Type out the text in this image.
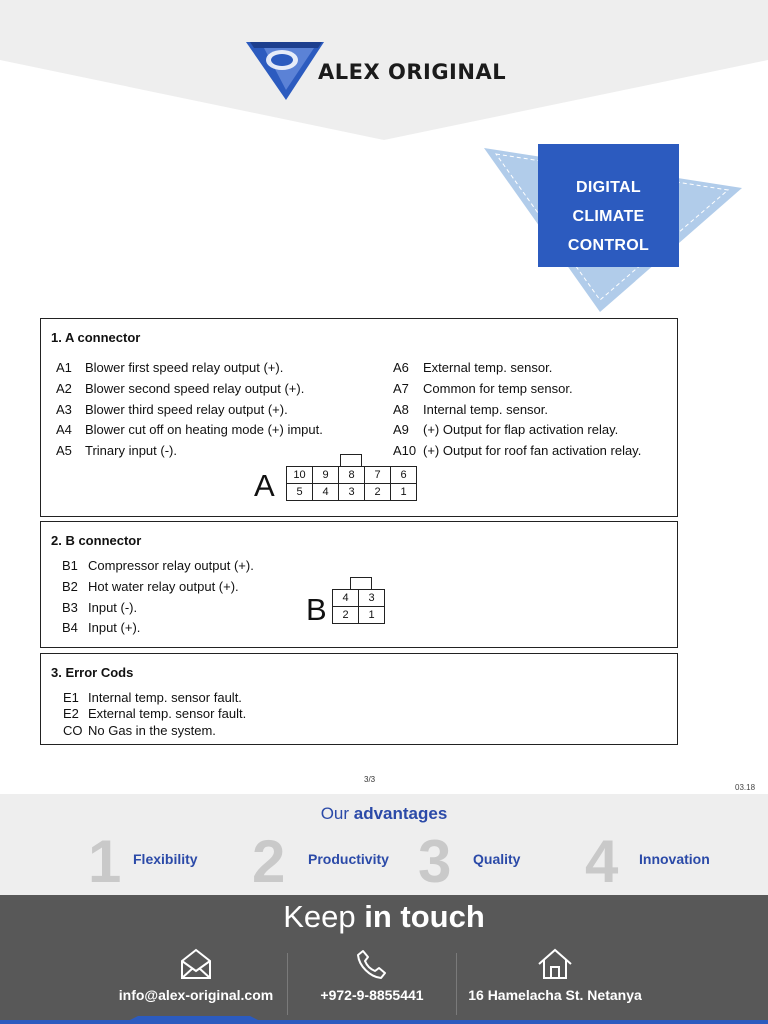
ALEX ORIGINAL
DIGITAL
CLIMATE
CONTROL
1. A connector
A1 Blower first speed relay output (+).
A2 Blower second speed relay output (+).
A3 Blower third speed relay output (+).
A4 Blower cut off on heating mode (+) imput.
A5 Trinary input (-).
A6 External temp. sensor.
A7 Common for temp sensor.
A8 Internal temp. sensor.
A9 (+) Output for flap activation relay.
A10 (+) Output for roof fan activation relay.
A 10	9	8	7	6
5	4	3	2	1
2. B connector
B1 Compressor relay output (+).
B2 Hot water relay output (+).
B3 Input (-).
B4 Input (+).
B 4	3
2	1
3. Error Cods
E1 Internal temp. sensor fault.
E2 External temp. sensor fault.
CO No Gas in the system.
3/3
03.18
Our advantages
1 Flexibility 2 Productivity 3 Quality 4 Innovation
Keep in touch
info@alex-original.com	+972-9-8855441	16 Hamelacha St. Netanya
